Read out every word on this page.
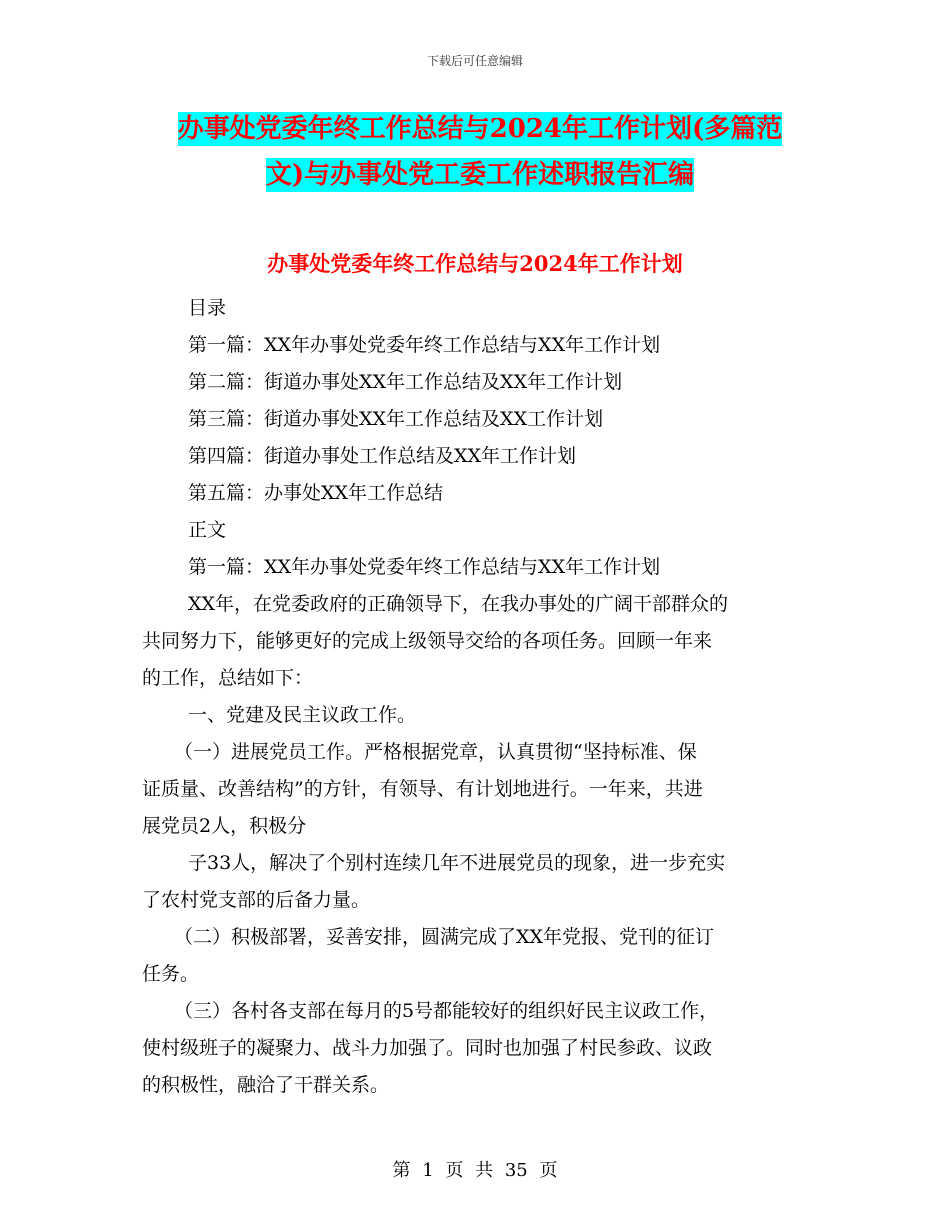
下载后可任意编辑
办事处党委年终工作总结与2024年工作计划(多篇范
文)与办事处党工委工作述职报告汇编
办事处党委年终工作总结与2024年工作计划
目录
第一篇：XX年办事处党委年终工作总结与XX年工作计划
第二篇：街道办事处XX年工作总结及XX年工作计划
第三篇：街道办事处XX年工作总结及XX工作计划
第四篇：街道办事处工作总结及XX年工作计划
第五篇：办事处XX年工作总结
正文
第一篇：XX年办事处党委年终工作总结与XX年工作计划
XX年，在党委政府的正确领导下，在我办事处的广阔干部群众的
共同努力下，能够更好的完成上级领导交给的各项任务。回顾一年来
的工作，总结如下：
一、党建及民主议政工作。
（一）进展党员工作。严格根据党章，认真贯彻“坚持标准、保
证质量、改善结构”的方针，有领导、有计划地进行。一年来，共进
展党员2人，积极分
子33人，解决了个别村连续几年不进展党员的现象，进一步充实
了农村党支部的后备力量。
（二）积极部署，妥善安排，圆满完成了XX年党报、党刊的征订
任务。
（三）各村各支部在每月的5号都能较好的组织好民主议政工作，
使村级班子的凝聚力、战斗力加强了。同时也加强了村民参政、议政
的积极性，融洽了干群关系。
第 1 页 共 35 页
